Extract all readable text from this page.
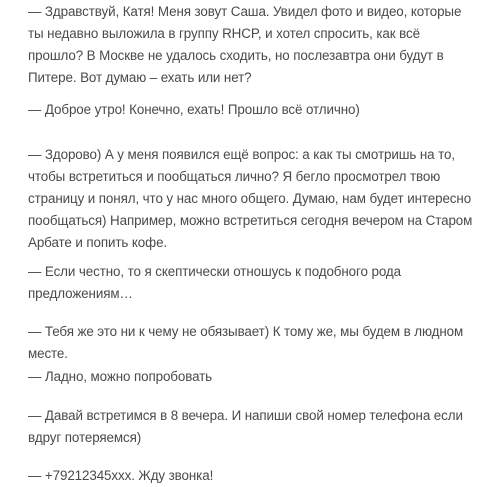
— Здравствуй, Катя! Меня зовут Саша. Увидел фото и видео, которые ты недавно выложила в группу RHCP, и хотел спросить, как всё прошло? В Москве не удалось сходить, но послезавтра они будут в Питере. Вот думаю – ехать или нет?

— Доброе утро! Конечно, ехать! Прошло всё отлично)

— Здорово) А у меня появился ещё вопрос: а как ты смотришь на то, чтобы встретиться и пообщаться лично? Я бегло просмотрел твою страницу и понял, что у нас много общего. Думаю, нам будет интересно пообщаться) Например, можно встретиться сегодня вечером на Старом Арбате и попить кофе.

— Если честно, то я скептически отношусь к подобного рода предложениям…

— Тебя же это ни к чему не обязывает) К тому же, мы будем в людном месте.

— Ладно, можно попробовать

— Давай встретимся в 8 вечера. И напиши свой номер телефона если вдруг потеряемся)

— +79212345ххх. Жду звонка!
